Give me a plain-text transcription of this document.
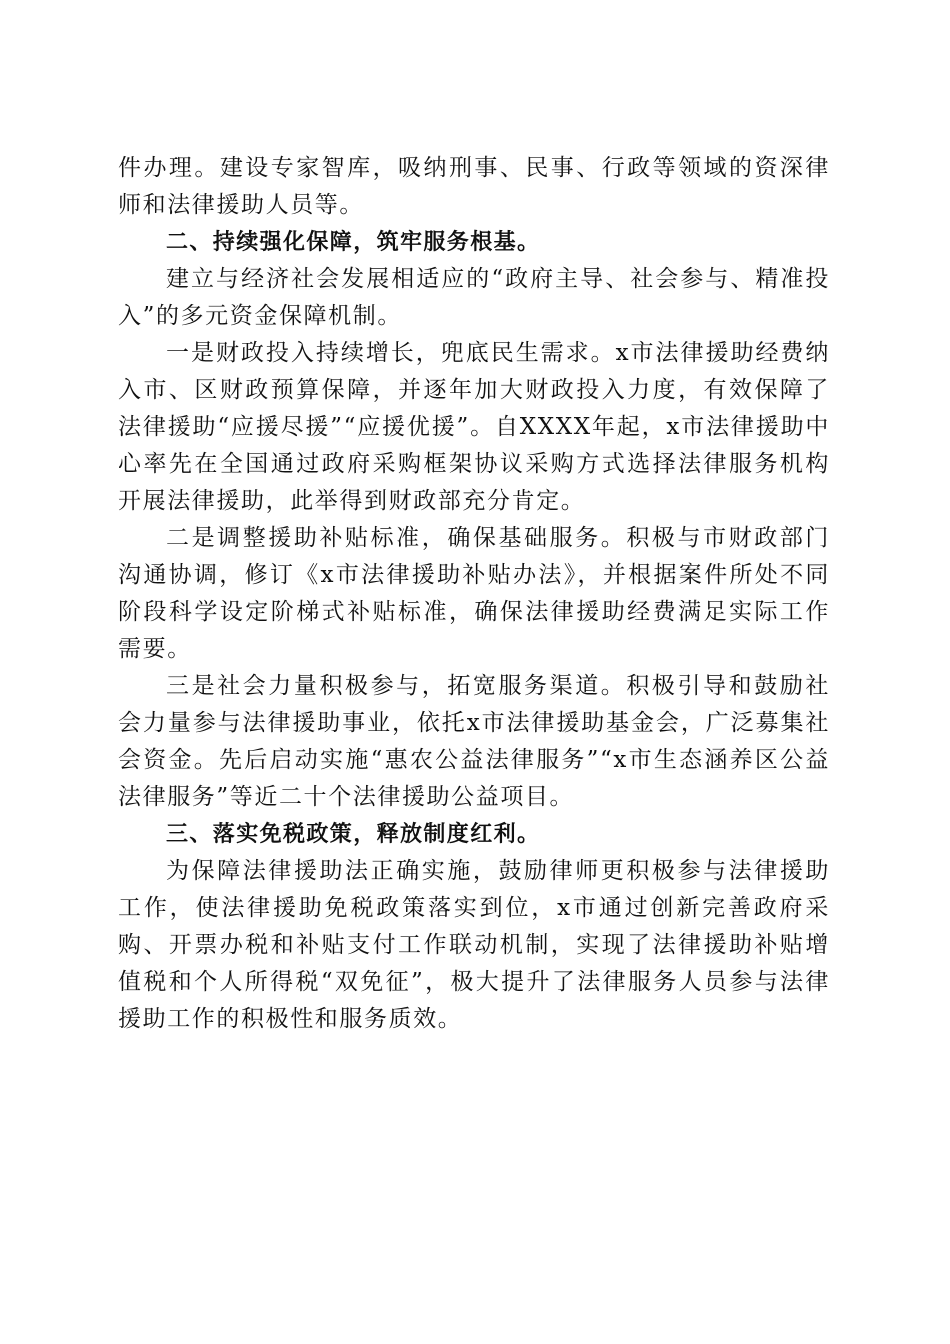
件办理。建设专家智库，吸纳刑事、民事、行政等领域的资深律师和法律援助人员等。

二、持续强化保障，筑牢服务根基。

建立与经济社会发展相适应的“政府主导、社会参与、精准投入”的多元资金保障机制。

一是财政投入持续增长，兜底民生需求。x市法律援助经费纳入市、区财政预算保障，并逐年加大财政投入力度，有效保障了法律援助“应援尽援”“应援优援”。自XXXX年起，x市法律援助中心率先在全国通过政府采购框架协议采购方式选择法律服务机构开展法律援助，此举得到财政部充分肯定。

二是调整援助补贴标准，确保基础服务。积极与市财政部门沟通协调，修订《x市法律援助补贴办法》，并根据案件所处不同阶段科学设定阶梯式补贴标准，确保法律援助经费满足实际工作需要。

三是社会力量积极参与，拓宽服务渠道。积极引导和鼓励社会力量参与法律援助事业，依托x市法律援助基金会，广泛募集社会资金。先后启动实施“惠农公益法律服务”“x市生态涵养区公益法律服务”等近二十个法律援助公益项目。

三、落实免税政策，释放制度红利。

为保障法律援助法正确实施，鼓励律师更积极参与法律援助工作，使法律援助免税政策落实到位，x市通过创新完善政府采购、开票办税和补贴支付工作联动机制，实现了法律援助补贴增值税和个人所得税“双免征”，极大提升了法律服务人员参与法律援助工作的积极性和服务质效。
